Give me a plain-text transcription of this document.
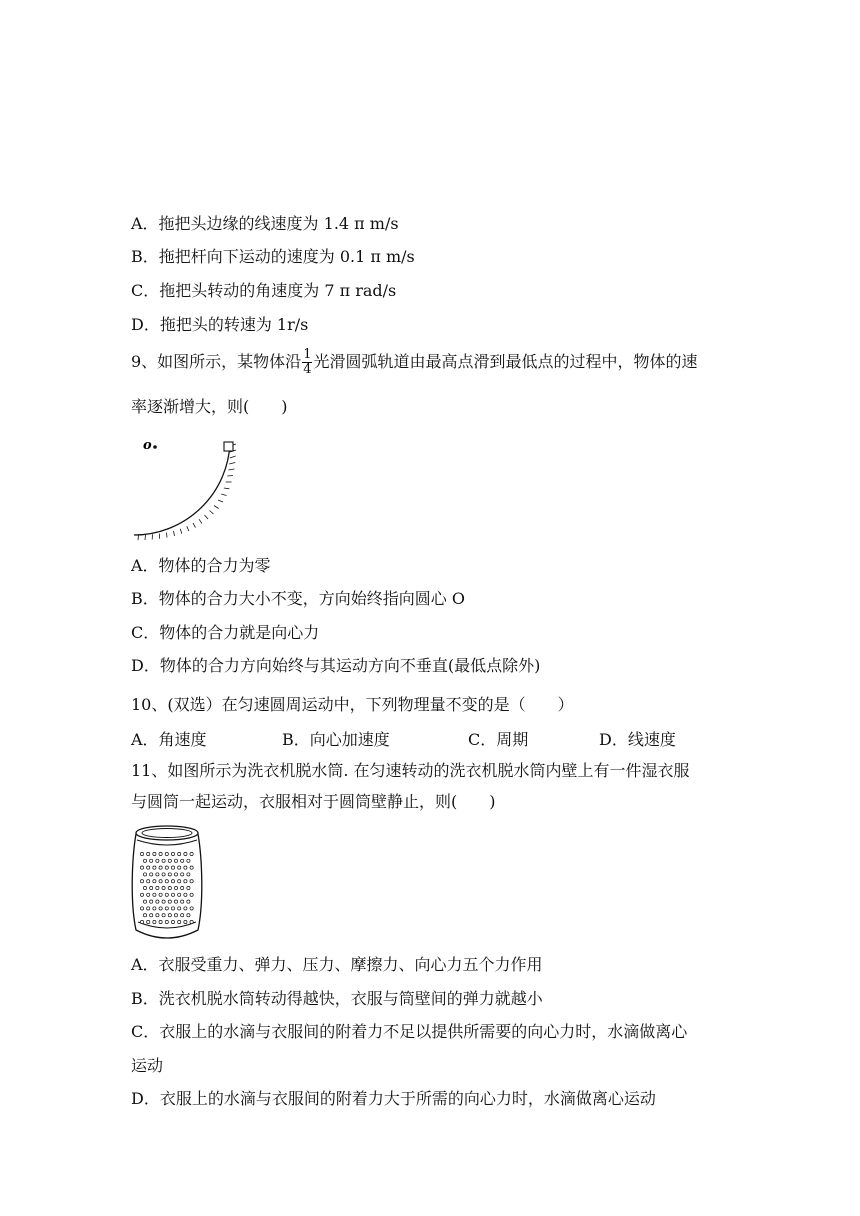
A．拖把头边缘的线速度为 1.4 π m/s
B．拖把杆向下运动的速度为 0.1 π m/s
C．拖把头转动的角速度为 7 π rad/s
D．拖把头的转速为 1r/s
9、如图所示，某物体沿 $\frac{1}{4}$ 光滑圆弧轨道由最高点滑到最低点的过程中，物体的速
率逐渐增大，则(　　)
o
A．物体的合力为零
B．物体的合力大小不变，方向始终指向圆心 O
C．物体的合力就是向心力
D．物体的合力方向始终与其运动方向不垂直(最低点除外)
10、(双选）在匀速圆周运动中，下列物理量不变的是（　　）
A．角速度	B．向心加速度	C．周期	D．线速度
11、如图所示为洗衣机脱水筒. 在匀速转动的洗衣机脱水筒内壁上有一件湿衣服
与圆筒一起运动，衣服相对于圆筒壁静止，则(　　)
A．衣服受重力、弹力、压力、摩擦力、向心力五个力作用
B．洗衣机脱水筒转动得越快，衣服与筒壁间的弹力就越小
C．衣服上的水滴与衣服间的附着力不足以提供所需要的向心力时，水滴做离心
运动
D．衣服上的水滴与衣服间的附着力大于所需的向心力时，水滴做离心运动
